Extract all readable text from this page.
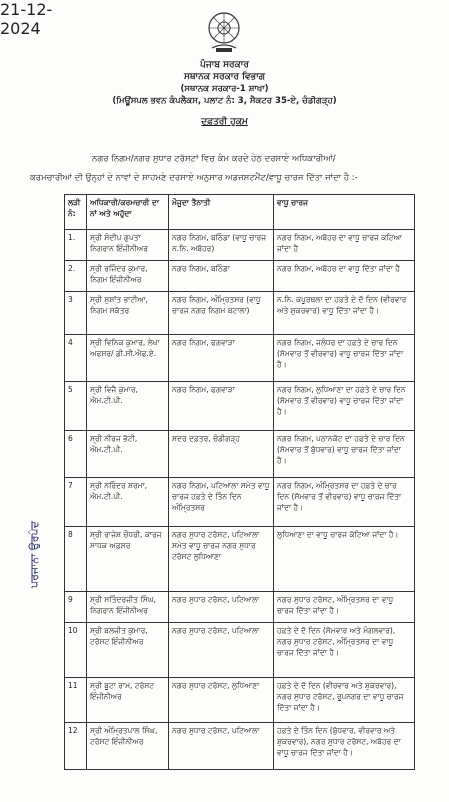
ਪੰਜਾਬ ਸਰਕਾਰ
ਸਥਾਨਕ ਸਰਕਾਰ ਵਿਭਾਗ
(ਸਥਾਨਕ ਸਰਕਾਰ-1 ਸ਼ਾਖਾ)
(ਮਿਊਂਸਪਲ ਭਵਨ ਕੰਪਲੈਕਸ, ਪਲਾਟ ਨੰ: 3, ਸੈਕਟਰ 35-ਏ, ਚੰਡੀਗੜ੍ਹ)
ਦਫ਼ਤਰੀ ਹੁਕਮ
ਨਗਰ ਨਿਗਮ/ਨਗਰ ਸੁਧਾਰ ਟਰੱਸਟਾਂ ਵਿਚ ਕੰਮ ਕਰਦੇ ਹੇਠ ਦਰਸਾਏ ਅਧਿਕਾਰੀਆਂ/
ਕਰਮਚਾਰੀਆਂ ਦੀ ਉਨ੍ਹਾਂ ਦੇ ਨਾਵਾਂ ਦੇ ਸਾਹਮਣੇ ਦਰਸਾਏ ਅਨੁਸਾਰ ਅਡਜਸਟਮੈਂਟ/ਵਾਧੂ ਚਾਰਜ ਦਿੱਤਾ ਜਾਂਦਾ ਹੈ :-
ਲੜੀ ਨੰ:	ਅਧਿਕਾਰੀ/ਕਰਮਚਾਰੀ ਦਾ ਨਾਂ ਅਤੇ ਅਹੁੱਦਾ	ਮੌਜੂਦਾ ਤੈਨਾਤੀ	ਵਾਧੂ ਚਾਰਜ
1.	ਸ੍ਰੀ ਸੰਦੀਪ ਗੁਪਤਾ ਨਿਗਰਾਨ ਇੰਜੀਨੀਅਰ	ਨਗਰ ਨਿਗਮ, ਬਠਿੰਡਾ (ਵਾਧੂ ਚਾਰਜ ਨ.ਨਿ. ਅਬੋਹਰ)	ਨਗਰ ਨਿਗਮ, ਅਬੋਹਰ ਦਾ ਵਾਧੂ ਚਾਰਜ ਕਟਿਆ ਜਾਂਦਾ ਹੈ
2.	ਸ੍ਰੀ ਰਜਿੰਦਰ ਕੁਮਾਰ, ਨਿਗਮ ਇੰਜੀਨੀਅਰ	ਨਗਰ ਨਿਗਮ, ਬਠਿੰਡਾ	ਨਗਰ ਨਿਗਮ, ਅਬੋਹਰ ਦਾ ਵਾਧੂ ਦਿੱਤਾ ਜਾਂਦਾ ਹੈ
3	ਸ੍ਰੀ ਸੁਸ਼ਾਂਤ ਭਾਟੀਆ, ਨਿਗਮ ਸਕੱਤਰ	ਨਗਰ ਨਿਗਮ, ਅੰਮ੍ਰਿਤਸਰ (ਵਾਧੂ ਚਾਰਜ ਨਗਰ ਨਿਗਮ ਬਟਾਲਾ)	ਨ.ਨਿ. ਕਪੂਰਥਲਾ ਦਾ ਹਫ਼ਤੇ ਦੇ ਦੋ ਦਿਨ (ਵੀਰਵਾਰ ਅਤੇ ਸ਼ੁਕਰਵਾਰ) ਵਾਧੂ ਦਿੱਤਾ ਜਾਂਦਾ ਹੈ।
4	ਸ੍ਰੀ ਵਿਨਿਕ ਕੁਮਾਰ, ਲੇਖਾ ਅਫਸਰ/ ਡੀ.ਸੀ.ਐਫ.ਏ.	ਨਗਰ ਨਿਗਮ, ਫਗਵਾੜਾ	ਨਗਰ ਨਿਗਮ, ਜਲੰਧਰ ਦਾ ਹਫ਼ਤੇ ਦੇ ਚਾਰ ਦਿਨ (ਸੋਮਵਾਰ ਤੋਂ ਵੀਰਵਾਰ) ਵਾਧੂ ਚਾਰਜ ਦਿੱਤਾ ਜਾਂਦਾ ਹੈ।
5	ਸ੍ਰੀ ਵਿਜੈ ਕੁਮਾਰ, ਐਮ.ਟੀ.ਪੀ.	ਨਗਰ ਨਿਗਮ, ਫਗਵਾੜਾ	ਨਗਰ ਨਿਗਮ, ਲੁਧਿਆਣਾ ਦਾ ਹਫ਼ਤੇ ਦੇ ਚਾਰ ਦਿਨ (ਸੋਮਵਾਰ ਤੋਂ ਵੀਰਵਾਰ) ਵਾਧੂ ਚਾਰਜ ਦਿੱਤਾ ਜਾਂਦਾ ਹੈ।
6	ਸ੍ਰੀ ਨੀਰਜ ਭੱਟੀ, ਐਮ.ਟੀ.ਪੀ.	ਸਦਰ ਦਫ਼ਤਰ, ਚੰਡੀਗੜ੍ਹ	ਨਗਰ ਨਿਗਮ, ਪਠਾਨਕੋਟ ਦਾ ਹਫ਼ਤੇ ਦੇ ਚਾਰ ਦਿਨ (ਸੋਮਵਾਰ ਤੋਂ ਬੁੱਧਵਾਰ) ਵਾਧੂ ਚਾਰਜ ਦਿੱਤਾ ਜਾਂਦਾ ਹੈ।
7	ਸ੍ਰੀ ਨਰਿੰਦਰ ਸ਼ਰਮਾ, ਐਮ.ਟੀ.ਪੀ.	ਨਗਰ ਨਿਗਮ, ਪਟਿਆਲਾ ਸਮੇਤ ਵਾਧੂ ਚਾਰਜ ਹਫ਼ਤੇ ਦੇ ਤਿੰਨ ਦਿਨ ਅੰਮ੍ਰਿਤਸਰ	ਨਗਰ ਨਿਗਮ, ਅੰਮ੍ਰਿਤਸਰ ਦਾ ਹਫ਼ਤੇ ਦੇ ਚਾਰ ਦਿਨ (ਸੋਮਵਾਰ ਤੋਂ ਵੀਰਵਾਰ) ਵਾਧੂ ਚਾਰਜ ਦਿੱਤਾ ਜਾਂਦਾ ਹੈ।
8	ਸ੍ਰੀ ਰਾਜੇਸ਼ ਚੌਧਰੀ, ਕਾਰਜ ਸਾਧਕ ਅਫ਼ਸਰ	ਨਗਰ ਸੁਧਾਰ ਟਰੱਸਟ, ਪਟਿਆਲਾ ਸਮੇਤ ਵਾਧੂ ਚਾਰਜ ਨਗਰ ਸੁਧਾਰ ਟਰੱਸਟ ਲੁਧਿਆਣਾ	ਲੁਧਿਆਣਾ ਦਾ ਵਾਧੂ ਚਾਰਜ ਕੱਟਿਆ ਜਾਂਦਾ ਹੈ।
9	ਸ੍ਰੀ ਸਤਿੰਦਰਜੀਤ ਸਿੰਘ, ਨਿਗਰਾਨ ਇੰਜੀਨੀਅਰ	ਨਗਰ ਸੁਧਾਰ ਟਰੱਸਟ, ਪਟਿਆਲਾ	ਨਗਰ ਸੁਧਾਰ ਟਰੱਸਟ, ਅੰਮ੍ਰਿਤਸਰ ਦਾ ਵਾਧੂ ਚਾਰਜ ਦਿੱਤਾ ਜਾਂਦਾ ਹੈ।
10	ਸ੍ਰੀ ਬਲਜੀਤ ਕੁਮਾਰ, ਟਰੱਸਟ ਇੰਜੀਨੀਅਰ	ਨਗਰ ਸੁਧਾਰ ਟਰੱਸਟ, ਪਟਿਆਲਾ	ਹਫ਼ਤੇ ਦੇ ਦੋ ਦਿਨ (ਸੋਮਵਾਰ ਅਤੇ ਮੰਗਲਵਾਰ), ਨਗਰ ਸੁਧਾਰ ਟਰੱਸਟ, ਅੰਮ੍ਰਿਤਸਰ ਦਾ ਵਾਧੂ ਚਾਰਜ ਦਿੱਤਾ ਜਾਂਦਾ ਹੈ।
11	ਸ੍ਰੀ ਬੂਟਾ ਰਾਮ, ਟਰੱਸਟ ਇੰਜੀਨੀਅਰ	ਨਗਰ ਸੁਧਾਰ ਟਰੱਸਟ, ਲੁਧਿਆਣਾ	ਹਫ਼ਤੇ ਦੇ ਦੋ ਦਿਨ (ਵੀਰਵਾਰ ਅਤੇ ਸ਼ੁਕਰਵਾਰ), ਨਗਰ ਸੁਧਾਰ ਟਰੱਸਟ, ਰੂਪਨਗਰ ਦਾ ਵਾਧੂ ਚਾਰਜ ਦਿੱਤਾ ਜਾਂਦਾ ਹੈ।
12	ਸ੍ਰੀ ਅੰਮ੍ਰਿਤਪਾਲ ਸਿੰਘ, ਟਰੱਸਟ ਇੰਜੀਨੀਅਰ	ਨਗਰ ਸੁਧਾਰ ਟਰੱਸਟ, ਪਟਿਆਲਾ	ਹਫ਼ਤੇ ਦੇ ਤਿੰਨ ਦਿਨ (ਬੁੱਧਵਾਰ, ਵੀਰਵਾਰ ਅਤੇ ਸ਼ੁਕਰਵਾਰ), ਨਗਰ ਸੁਧਾਰ ਟਰੱਸਟ, ਅਬੋਹਰ ਦਾ ਵਾਧੂ ਚਾਰਜ ਦਿੱਤਾ ਜਾਂਦਾ ਹੈ।
ਪਰਜਾਨਾ ਉਰਪੰਦ
21-12-2024
